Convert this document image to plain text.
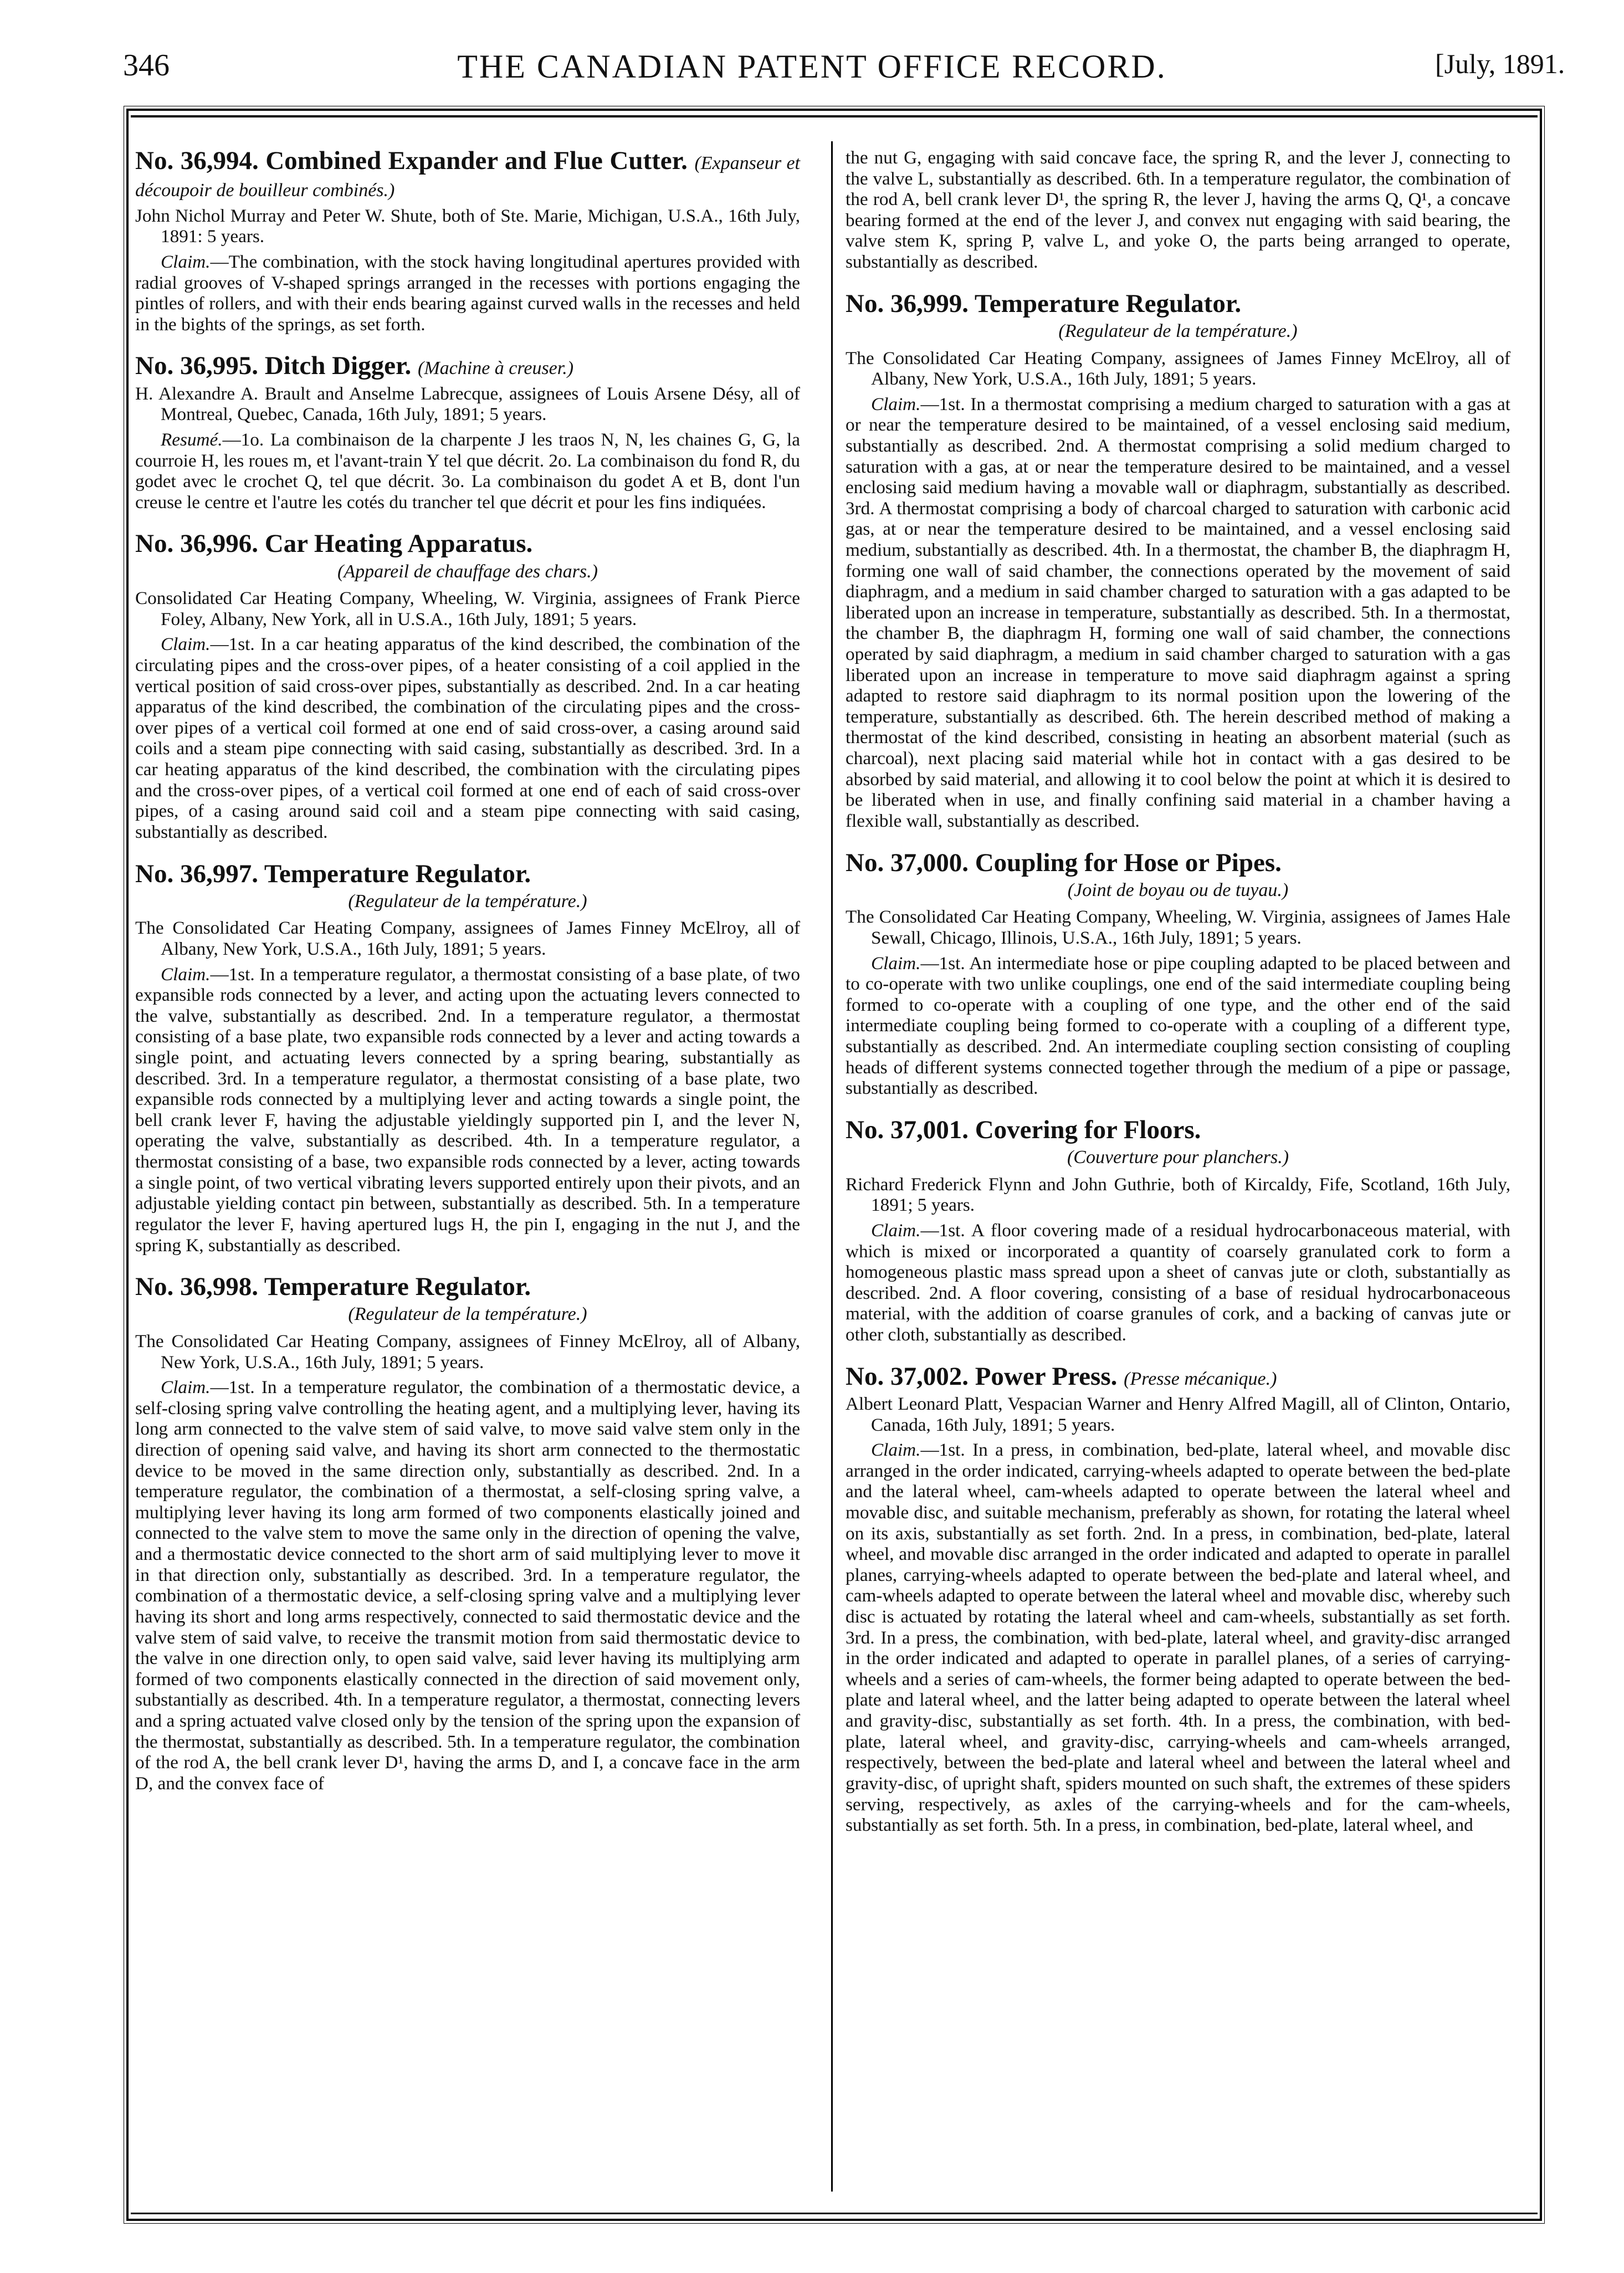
346	THE CANADIAN PATENT OFFICE RECORD.	[July, 1891.
No. 36,994. Combined Expander and Flue Cutter. (Expanseur et découpoir de bouilleur combinés.)
John Nichol Murray and Peter W. Shute, both of Ste. Marie, Michigan, U.S.A., 16th July, 1891: 5 years.
Claim.—The combination, with the stock having longitudinal apertures provided with radial grooves of V-shaped springs arranged in the recesses with portions engaging the pintles of rollers, and with their ends bearing against curved walls in the recesses and held in the bights of the springs, as set forth.
No. 36,995. Ditch Digger. (Machine à creuser.)
H. Alexandre A. Brault and Anselme Labrecque, assignees of Louis Arsene Désy, all of Montreal, Quebec, Canada, 16th July, 1891; 5 years.
Resumé.—1o. La combinaison de la charpente J les traos N, N, les chaines G, G, la courroie H, les roues m, et l'avant-train Y tel que décrit. 2o. La combinaison du fond R, du godet avec le crochet Q, tel que décrit. 3o. La combinaison du godet A et B, dont l'un creuse le centre et l'autre les cotés du trancher tel que décrit et pour les fins indiquées.
No. 36,996. Car Heating Apparatus.
(Appareil de chauffage des chars.)
Consolidated Car Heating Company, Wheeling, W. Virginia, assignees of Frank Pierce Foley, Albany, New York, all in U.S.A., 16th July, 1891; 5 years.
Claim.—1st. In a car heating apparatus of the kind described, the combination of the circulating pipes and the cross-over pipes, of a heater consisting of a coil applied in the vertical position of said cross-over pipes, substantially as described. 2nd. In a car heating apparatus of the kind described, the combination of the circulating pipes and the cross-over pipes of a vertical coil formed at one end of said cross-over, a casing around said coils and a steam pipe connecting with said casing, substantially as described. 3rd. In a car heating apparatus of the kind described, the combination with the circulating pipes and the cross-over pipes, of a vertical coil formed at one end of each of said cross-over pipes, of a casing around said coil and a steam pipe connecting with said casing, substantially as described.
No. 36,997. Temperature Regulator.
(Regulateur de la température.)
The Consolidated Car Heating Company, assignees of James Finney McElroy, all of Albany, New York, U.S.A., 16th July, 1891; 5 years.
Claim.—1st. In a temperature regulator, a thermostat consisting of a base plate, of two expansible rods connected by a lever, and acting upon the actuating levers connected to the valve, substantially as described. 2nd. In a temperature regulator, a thermostat consisting of a base plate, two expansible rods connected by a lever and acting towards a single point, and actuating levers connected by a spring bearing, substantially as described. 3rd. In a temperature regulator, a thermostat consisting of a base plate, two expansible rods connected by a multiplying lever and acting towards a single point, the bell crank lever F, having the adjustable yieldingly supported pin I, and the lever N, operating the valve, substantially as described. 4th. In a temperature regulator, a thermostat consisting of a base, two expansible rods connected by a lever, acting towards a single point, of two vertical vibrating levers supported entirely upon their pivots, and an adjustable yielding contact pin between, substantially as described. 5th. In a temperature regulator the lever F, having apertured lugs H, the pin I, engaging in the nut J, and the spring K, substantially as described.
No. 36,998. Temperature Regulator.
(Regulateur de la température.)
The Consolidated Car Heating Company, assignees of Finney McElroy, all of Albany, New York, U.S.A., 16th July, 1891; 5 years.
Claim.—1st. In a temperature regulator, the combination of a thermostatic device, a self-closing spring valve controlling the heating agent, and a multiplying lever, having its long arm connected to the valve stem of said valve, to move said valve stem only in the direction of opening said valve, and having its short arm connected to the thermostatic device to be moved in the same direction only, substantially as described. 2nd. In a temperature regulator, the combination of a thermostat, a self-closing spring valve, a multiplying lever having its long arm formed of two components elastically joined and connected to the valve stem to move the same only in the direction of opening the valve, and a thermostatic device connected to the short arm of said multiplying lever to move it in that direction only, substantially as described. 3rd. In a temperature regulator, the combination of a thermostatic device, a self-closing spring valve and a multiplying lever having its short and long arms respectively, connected to said thermostatic device and the valve stem of said valve, to receive the transmit motion from said thermostatic device to the valve in one direction only, to open said valve, said lever having its multiplying arm formed of two components elastically connected in the direction of said movement only, substantially as described. 4th. In a temperature regulator, a thermostat, connecting levers and a spring actuated valve closed only by the tension of the spring upon the expansion of the thermostat, substantially as described. 5th. In a temperature regulator, the combination of the rod A, the bell crank lever D¹, having the arms D, and I, a concave face in the arm D, and the convex face of
the nut G, engaging with said concave face, the spring R, and the lever J, connecting to the valve L, substantially as described. 6th. In a temperature regulator, the combination of the rod A, bell crank lever D¹, the spring R, the lever J, having the arms Q, Q¹, a concave bearing formed at the end of the lever J, and convex nut engaging with said bearing, the valve stem K, spring P, valve L, and yoke O, the parts being arranged to operate, substantially as described.
No. 36,999. Temperature Regulator.
(Regulateur de la température.)
The Consolidated Car Heating Company, assignees of James Finney McElroy, all of Albany, New York, U.S.A., 16th July, 1891; 5 years.
Claim.—1st. In a thermostat comprising a medium charged to saturation with a gas at or near the temperature desired to be maintained, of a vessel enclosing said medium, substantially as described. 2nd. A thermostat comprising a solid medium charged to saturation with a gas, at or near the temperature desired to be maintained, and a vessel enclosing said medium having a movable wall or diaphragm, substantially as described. 3rd. A thermostat comprising a body of charcoal charged to saturation with carbonic acid gas, at or near the temperature desired to be maintained, and a vessel enclosing said medium, substantially as described. 4th. In a thermostat, the chamber B, the diaphragm H, forming one wall of said chamber, the connections operated by the movement of said diaphragm, and a medium in said chamber charged to saturation with a gas adapted to be liberated upon an increase in temperature, substantially as described. 5th. In a thermostat, the chamber B, the diaphragm H, forming one wall of said chamber, the connections operated by said diaphragm, a medium in said chamber charged to saturation with a gas liberated upon an increase in temperature to move said diaphragm against a spring adapted to restore said diaphragm to its normal position upon the lowering of the temperature, substantially as described. 6th. The herein described method of making a thermostat of the kind described, consisting in heating an absorbent material (such as charcoal), next placing said material while hot in contact with a gas desired to be absorbed by said material, and allowing it to cool below the point at which it is desired to be liberated when in use, and finally confining said material in a chamber having a flexible wall, substantially as described.
No. 37,000. Coupling for Hose or Pipes.
(Joint de boyau ou de tuyau.)
The Consolidated Car Heating Company, Wheeling, W. Virginia, assignees of James Hale Sewall, Chicago, Illinois, U.S.A., 16th July, 1891; 5 years.
Claim.—1st. An intermediate hose or pipe coupling adapted to be placed between and to co-operate with two unlike couplings, one end of the said intermediate coupling being formed to co-operate with a coupling of one type, and the other end of the said intermediate coupling being formed to co-operate with a coupling of a different type, substantially as described. 2nd. An intermediate coupling section consisting of coupling heads of different systems connected together through the medium of a pipe or passage, substantially as described.
No. 37,001. Covering for Floors.
(Couverture pour planchers.)
Richard Frederick Flynn and John Guthrie, both of Kircaldy, Fife, Scotland, 16th July, 1891; 5 years.
Claim.—1st. A floor covering made of a residual hydrocarbonaceous material, with which is mixed or incorporated a quantity of coarsely granulated cork to form a homogeneous plastic mass spread upon a sheet of canvas jute or cloth, substantially as described. 2nd. A floor covering, consisting of a base of residual hydrocarbonaceous material, with the addition of coarse granules of cork, and a backing of canvas jute or other cloth, substantially as described.
No. 37,002. Power Press. (Presse mécanique.)
Albert Leonard Platt, Vespacian Warner and Henry Alfred Magill, all of Clinton, Ontario, Canada, 16th July, 1891; 5 years.
Claim.—1st. In a press, in combination, bed-plate, lateral wheel, and movable disc arranged in the order indicated, carrying-wheels adapted to operate between the bed-plate and the lateral wheel, cam-wheels adapted to operate between the lateral wheel and movable disc, and suitable mechanism, preferably as shown, for rotating the lateral wheel on its axis, substantially as set forth. 2nd. In a press, in combination, bed-plate, lateral wheel, and movable disc arranged in the order indicated and adapted to operate in parallel planes, carrying-wheels adapted to operate between the bed-plate and lateral wheel, and cam-wheels adapted to operate between the lateral wheel and movable disc, whereby such disc is actuated by rotating the lateral wheel and cam-wheels, substantially as set forth. 3rd. In a press, the combination, with bed-plate, lateral wheel, and gravity-disc arranged in the order indicated and adapted to operate in parallel planes, of a series of carrying-wheels and a series of cam-wheels, the former being adapted to operate between the bed-plate and lateral wheel, and the latter being adapted to operate between the lateral wheel and gravity-disc, substantially as set forth. 4th. In a press, the combination, with bed-plate, lateral wheel, and gravity-disc, carrying-wheels and cam-wheels arranged, respectively, between the bed-plate and lateral wheel and between the lateral wheel and gravity-disc, of upright shaft, spiders mounted on such shaft, the extremes of these spiders serving, respectively, as axles of the carrying-wheels and for the cam-wheels, substantially as set forth. 5th. In a press, in combination, bed-plate, lateral wheel, and
